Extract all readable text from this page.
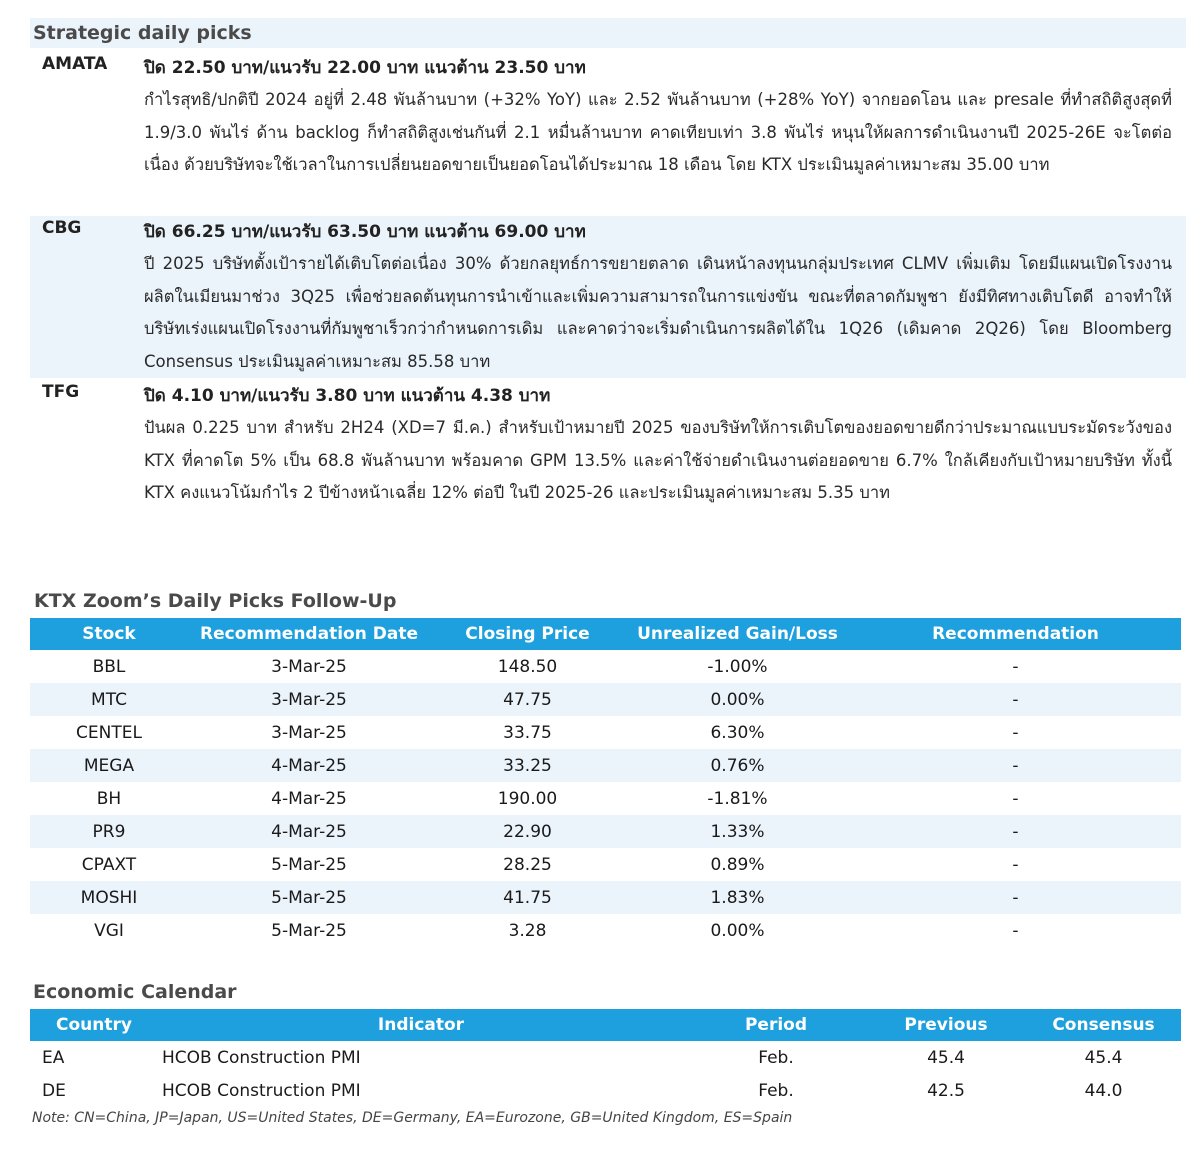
Strategic daily picks
AMATA ปิด 22.50 บาท/แนวรับ 22.00 บาท แนวต้าน 23.50 บาท
กำไรสุทธิ/ปกติปี 2024 อยู่ที่ 2.48 พันล้านบาท (+32% YoY) และ 2.52 พันล้านบาท (+28% YoY) จากยอดโอน และ presale ที่ทำสถิติสูงสุดที่ 1.9/3.0 พันไร่ ด้าน backlog ก็ทำสถิติสูงเช่นกันที่ 2.1 หมื่นล้านบาท คาดเทียบเท่า 3.8 พันไร่ หนุนให้ผลการดำเนินงานปี 2025-26E จะโตต่อเนื่อง ด้วยบริษัทจะใช้เวลาในการเปลี่ยนยอดขายเป็นยอดโอนได้ประมาณ 18 เดือน โดย KTX ประเมินมูลค่าเหมาะสม 35.00 บาท
CBG	ปิด 66.25 บาท/แนวรับ 63.50 บาท แนวต้าน 69.00 บาท
ปี 2025 บริษัทตั้งเป้ารายได้เติบโตต่อเนื่อง 30% ด้วยกลยุทธ์การขยายตลาด เดินหน้าลงทุนนกลุ่มประเทศ CLMV เพิ่มเติม โดยมีแผนเปิดโรงงานผลิตในเมียนมาช่วง 3Q25 เพื่อช่วยลดต้นทุนการนำเข้าและเพิ่มความสามารถในการแข่งขัน ขณะที่ตลาดกัมพูชา ยังมีทิศทางเติบโตดี อาจทำให้บริษัทเร่งแผนเปิดโรงงานที่กัมพูชาเร็วกว่ากำหนดการเดิม และคาดว่าจะเริ่มดำเนินการผลิตได้ใน 1Q26 (เดิมคาด 2Q26) โดย Bloomberg Consensus ประเมินมูลค่าเหมาะสม 85.58 บาท
TFG	ปิด 4.10 บาท/แนวรับ 3.80 บาท แนวต้าน 4.38 บาท
ปันผล 0.225 บาท สำหรับ 2H24 (XD=7 มี.ค.) สำหรับเป้าหมายปี 2025 ของบริษัทให้การเติบโตของยอดขายดีกว่าประมาณแบบระมัดระวังของ KTX ที่คาดโต 5% เป็น 68.8 พันล้านบาท พร้อมคาด GPM 13.5% และค่าใช้จ่ายดำเนินงานต่อยอดขาย 6.7% ใกล้เคียงกับเป้าหมายบริษัท ทั้งนี้ KTX คงแนวโน้มกำไร 2 ปีข้างหน้าเฉลี่ย 12% ต่อปี ในปี 2025-26 และประเมินมูลค่าเหมาะสม 5.35 บาท
KTX Zoom’s Daily Picks Follow-Up
Stock	Recommendation Date	Closing Price	Unrealized Gain/Loss	Recommendation
BBL	3-Mar-25	148.50	-1.00%	-
MTC	3-Mar-25	47.75	0.00%	-
CENTEL	3-Mar-25	33.75	6.30%	-
MEGA	4-Mar-25	33.25	0.76%	-
BH	4-Mar-25	190.00	-1.81%	-
PR9	4-Mar-25	22.90	1.33%	-
CPAXT	5-Mar-25	28.25	0.89%	-
MOSHI	5-Mar-25	41.75	1.83%	-
VGI	5-Mar-25	3.28	0.00%	-
Economic Calendar
Country	Indicator	Period	Previous	Consensus
EA	HCOB Construction PMI	Feb.	45.4	45.4
DE	HCOB Construction PMI	Feb.	42.5	44.0
Note: CN=China, JP=Japan, US=United States, DE=Germany, EA=Eurozone, GB=United Kingdom, ES=Spain
